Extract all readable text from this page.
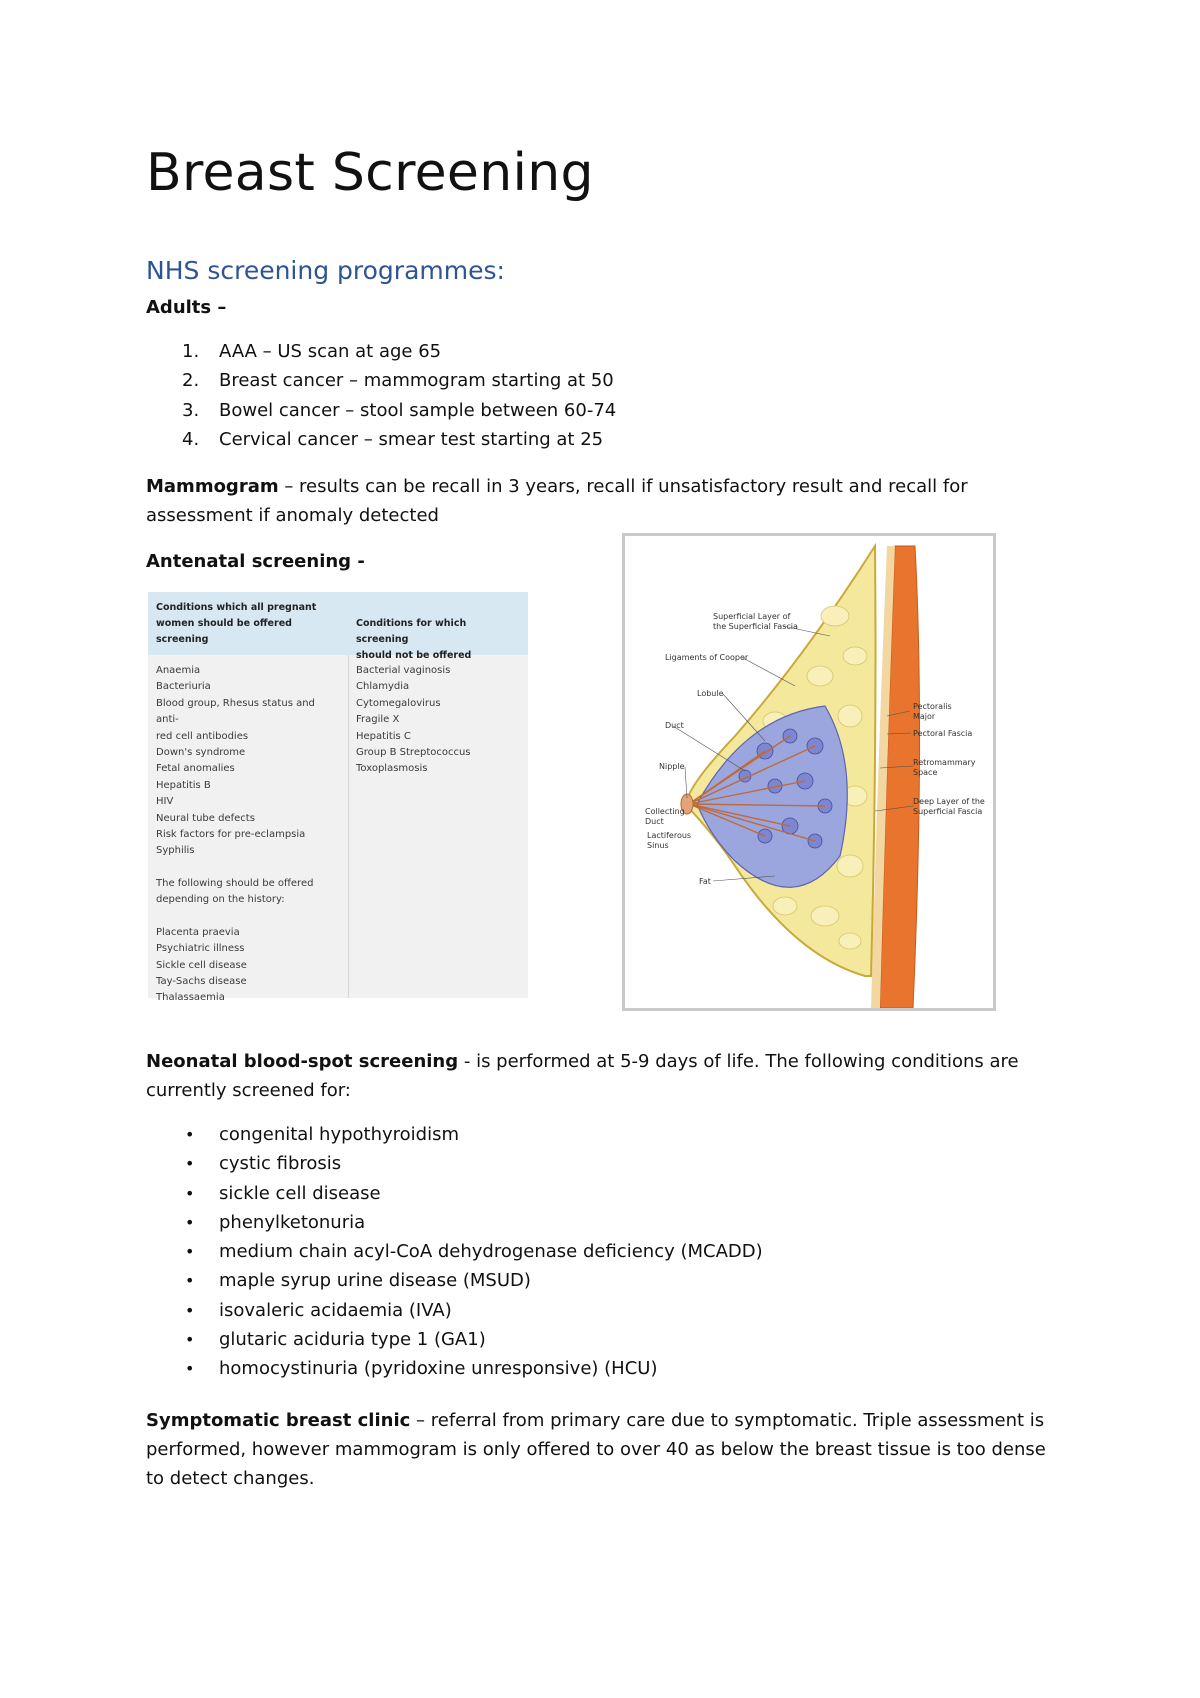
Breast Screening
NHS screening programmes:

Adults –

1. AAA – US scan at age 65
2. Breast cancer – mammogram starting at 50
3. Bowel cancer – stool sample between 60-74
4. Cervical cancer – smear test starting at 25

Mammogram – results can be recall in 3 years, recall if unsatisfactory result and recall for
assessment if anomaly detected

Antenatal screening -

Conditions which all pregnant
women should be offered
screening
Anaemia
Bacteriuria
Blood group, Rhesus status and anti-
red cell antibodies
Down's syndrome
Fetal anomalies
Hepatitis B
HIV
Neural tube defects
Risk factors for pre-eclampsia
Syphilis
The following should be offered
depending on the history:
Placenta praevia
Psychiatric illness
Sickle cell disease
Tay-Sachs disease
Thalassaemia
Conditions for which screening
should not be offered
Bacterial vaginosis
Chlamydia
Cytomegalovirus
Fragile X
Hepatitis C
Group B Streptococcus
Toxoplasmosis
Superficial Layer of
the Superficial Fascia
Ligaments of Cooper
Lobule
Duct
Nipple
Collecting
Duct
Lactiferous
Sinus
Fat
Pectoralis
Major
Pectoral Fascia
Retromammary
Space
Deep Layer of the
Superficial Fascia

Neonatal blood-spot screening - is performed at 5-9 days of life. The following conditions are
currently screened for:

• congenital hypothyroidism
• cystic fibrosis
• sickle cell disease
• phenylketonuria
• medium chain acyl-CoA dehydrogenase deficiency (MCADD)
• maple syrup urine disease (MSUD)
• isovaleric acidaemia (IVA)
• glutaric aciduria type 1 (GA1)
• homocystinuria (pyridoxine unresponsive) (HCU)

Symptomatic breast clinic – referral from primary care due to symptomatic. Triple assessment is
performed, however mammogram is only offered to over 40 as below the breast tissue is too dense
to detect changes.
